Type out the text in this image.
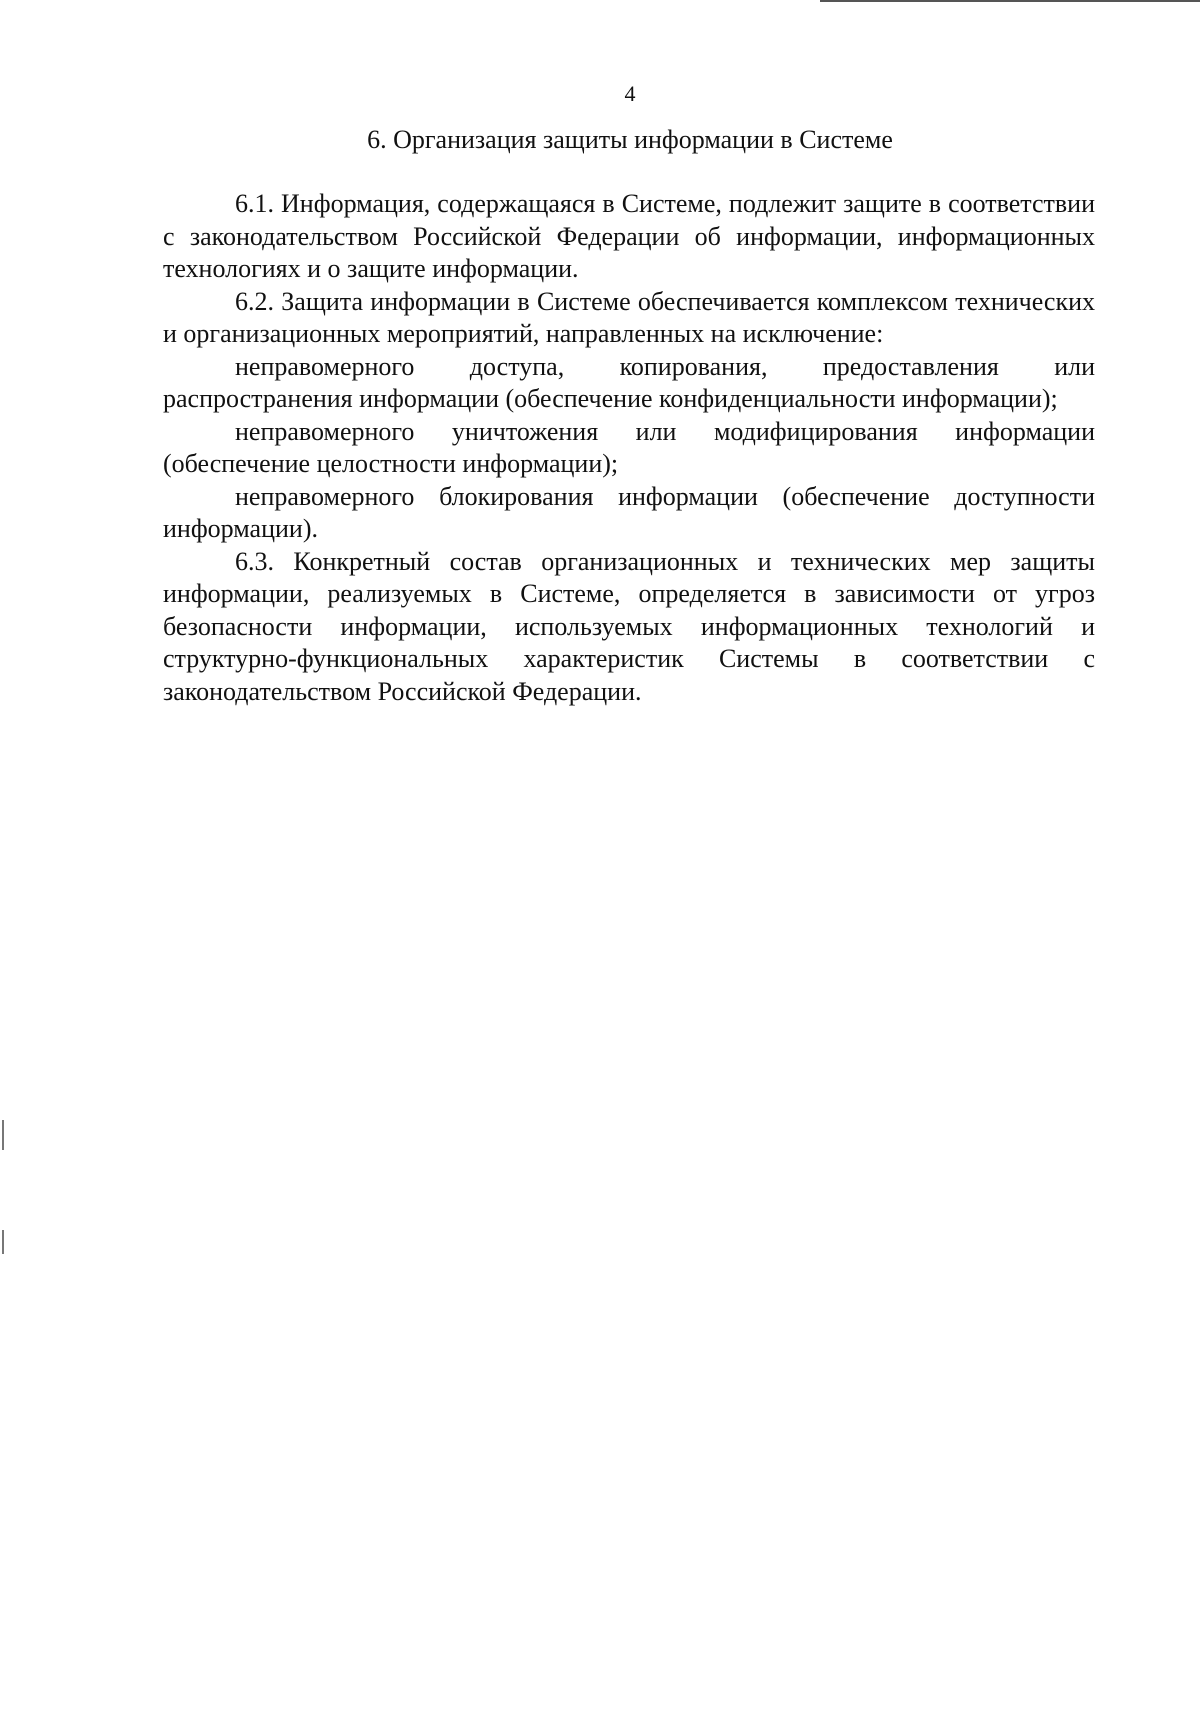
4
6. Организация защиты информации в Системе

6.1. Информация, содержащаяся в Системе, подлежит защите в соответствии с законодательством Российской Федерации об информации, информационных технологиях и о защите информации.

6.2. Защита информации в Системе обеспечивается комплексом технических и организационных мероприятий, направленных на исключение:

неправомерного доступа, копирования, предоставления или распространения информации (обеспечение конфиденциальности информации);

неправомерного уничтожения или модифицирования информации (обеспечение целостности информации);

неправомерного блокирования информации (обеспечение доступности информации).

6.3. Конкретный состав организационных и технических мер защиты информации, реализуемых в Системе, определяется в зависимости от угроз безопасности информации, используемых информационных технологий и структурно-функциональных характеристик Системы в соответствии с законодательством Российской Федерации.
